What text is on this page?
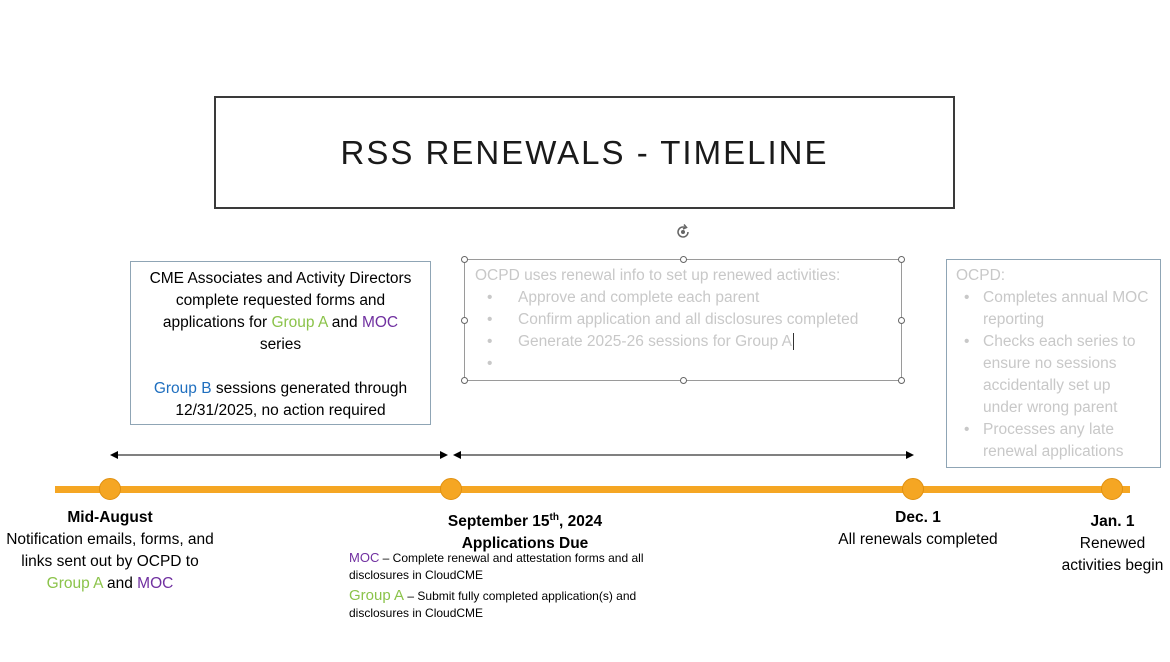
RSS RENEWALS - TIMELINE

CME Associates and Activity Directors complete requested forms and applications for Group A and MOC series

Group B sessions generated through 12/31/2025, no action required

OCPD uses renewal info to set up renewed activities:
• Approve and complete each parent
• Confirm application and all disclosures completed
• Generate 2025-26 sessions for Group A
•
OCPD:
• Completes annual MOC reporting
• Checks each series to ensure no sessions accidentally set up under wrong parent
• Processes any late renewal applications
Mid-August
Notification emails, forms, and links sent out by OCPD to Group A and MOC
September 15th, 2024
Applications Due
MOC – Complete renewal and attestation forms and all disclosures in CloudCME
Group A – Submit fully completed application(s) and disclosures in CloudCME
Dec. 1
All renewals completed
Jan. 1
Renewed activities begin
